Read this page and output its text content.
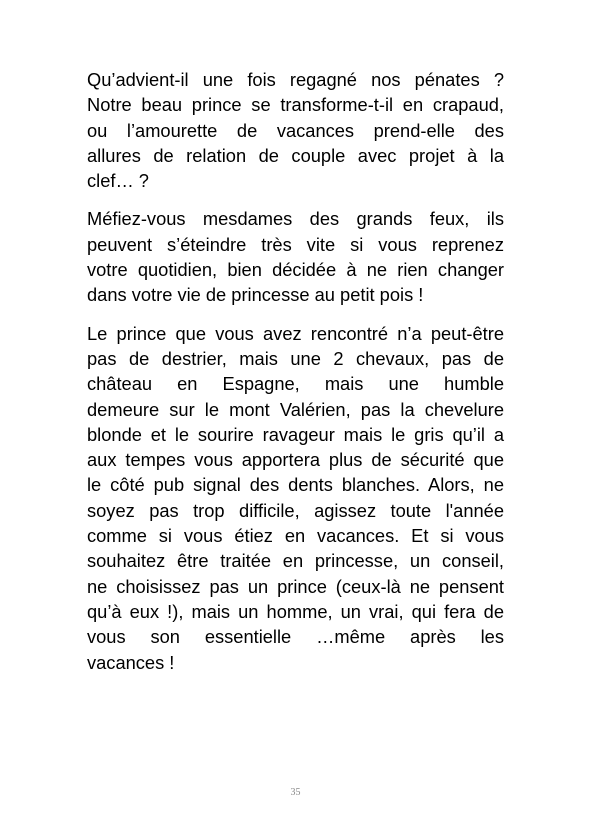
Qu’advient-il une fois regagné nos pénates ?
Notre beau prince se transforme-t-il en crapaud,
ou l’amourette de vacances prend-elle des
allures de relation de couple avec projet à la
clef… ?

Méfiez-vous mesdames des grands feux, ils
peuvent s’éteindre très vite si vous reprenez
votre quotidien, bien décidée à ne rien changer
dans votre vie de princesse au petit pois !

Le prince que vous avez rencontré n’a peut-être
pas de destrier, mais une 2 chevaux, pas de
château en Espagne, mais une humble
demeure sur le mont Valérien, pas la chevelure
blonde et le sourire ravageur mais le gris qu’il a
aux tempes vous apportera plus de sécurité que
le côté pub signal des dents blanches. Alors, ne
soyez pas trop difficile, agissez toute l'année
comme si vous étiez en vacances. Et si vous
souhaitez être traitée en princesse, un conseil,
ne choisissez pas un prince (ceux-là ne pensent
qu’à eux !), mais un homme, un vrai, qui fera de
vous son essentielle …même après les
vacances !

35
